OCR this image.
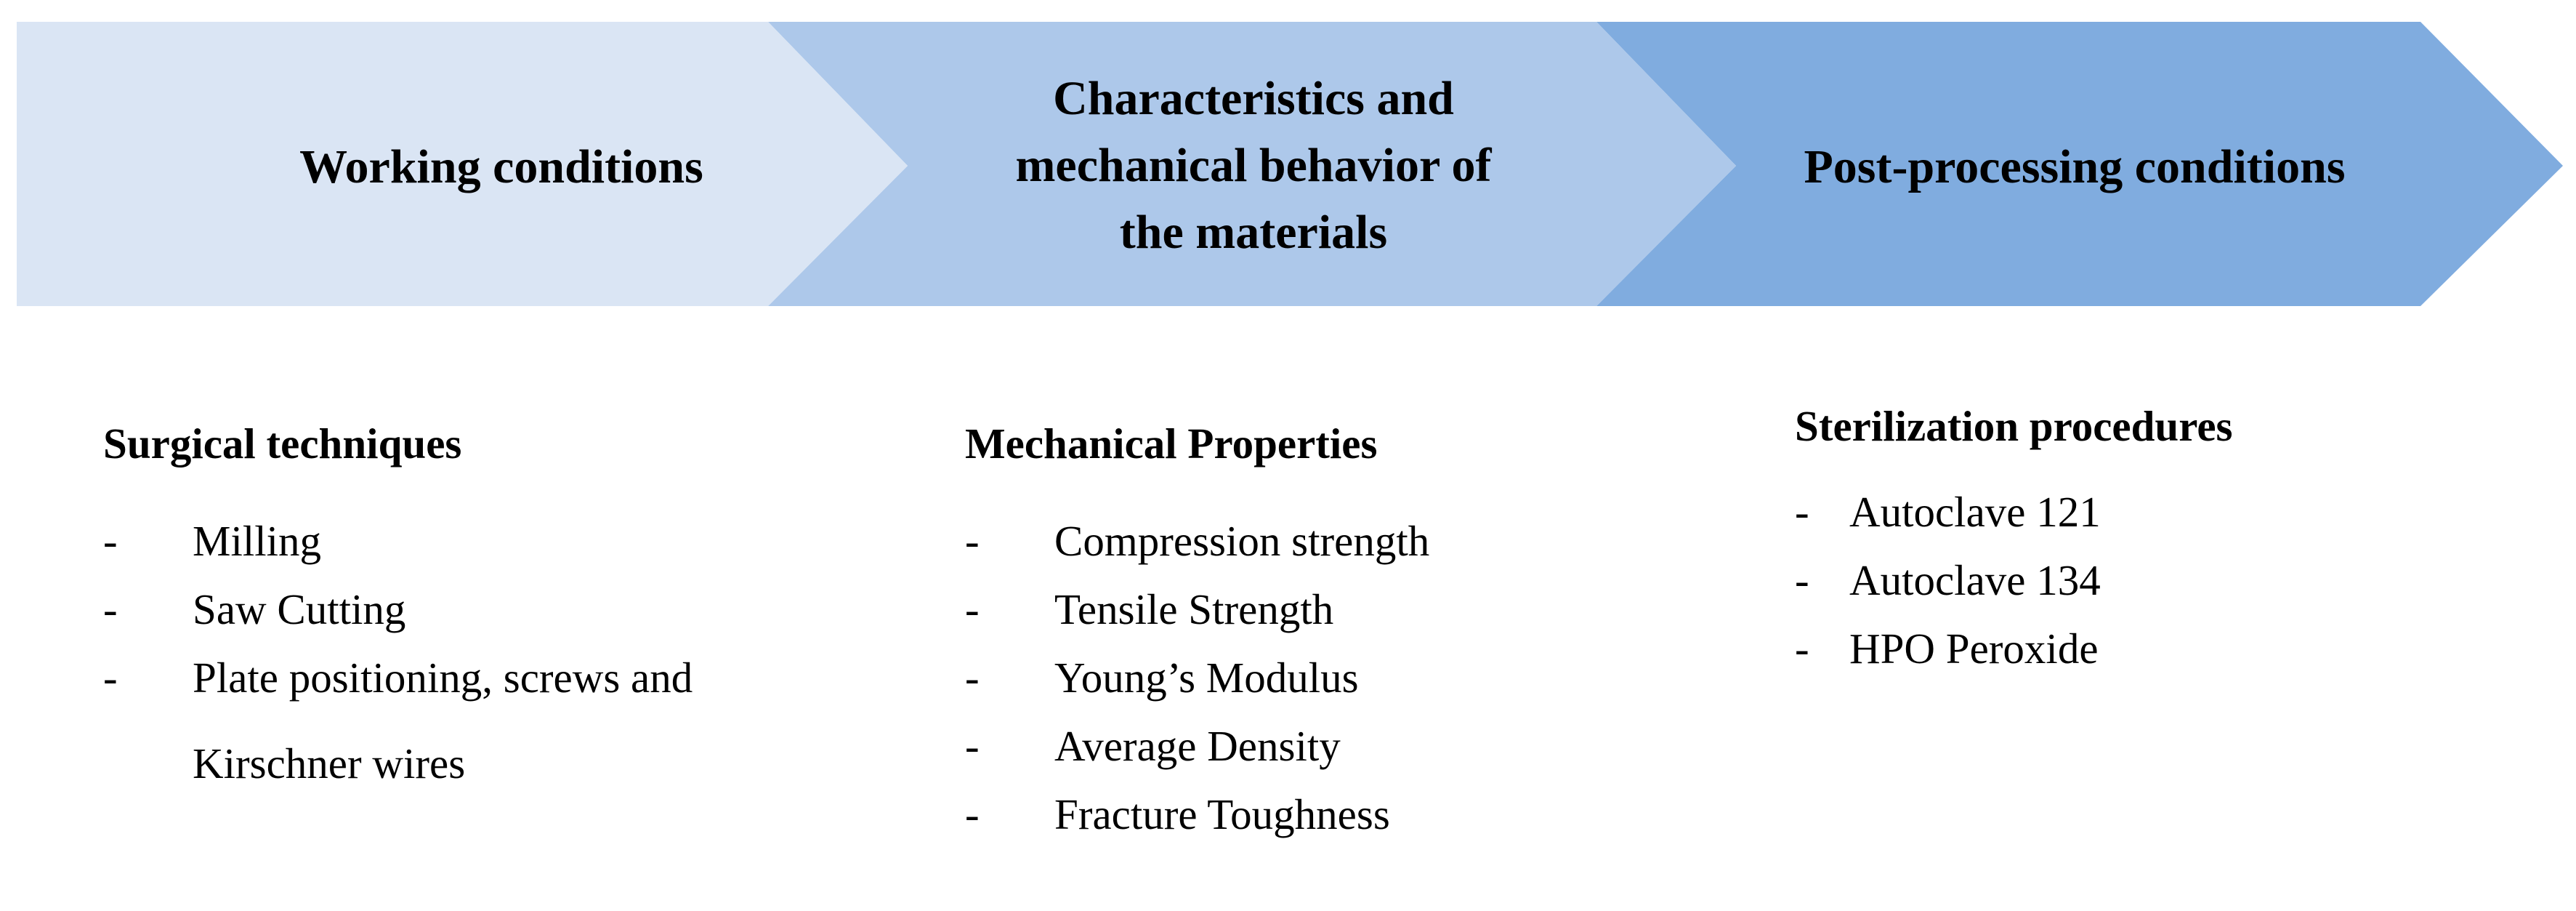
Working conditions
Characteristics and
mechanical behavior of
the materials
Post-processing conditions
Surgical techniques
-	Milling
-	Saw Cutting
-	Plate positioning, screws and Kirschner wires
Mechanical Properties
-	Compression strength
-	Tensile Strength
-	Young’s Modulus
-	Average Density
-	Fracture Toughness
Sterilization procedures
- Autoclave 121
- Autoclave 134
- HPO Peroxide
